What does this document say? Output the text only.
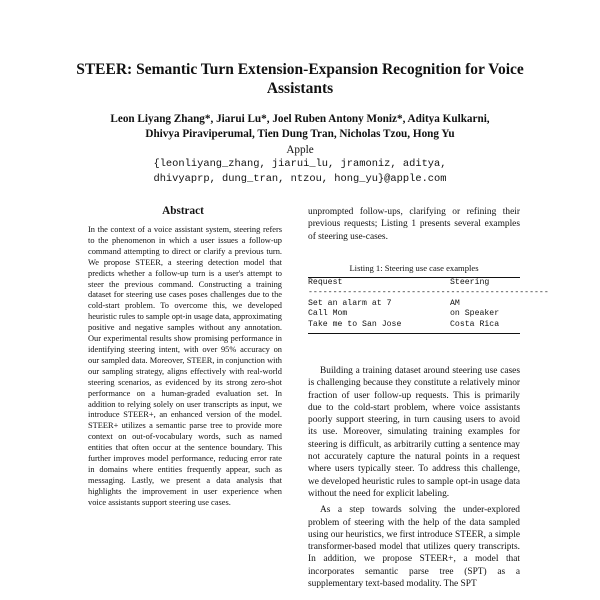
STEER: Semantic Turn Extension-Expansion Recognition for Voice
Assistants
Leon Liyang Zhang*, Jiarui Lu*, Joel Ruben Antony Moniz*, Aditya Kulkarni,
Dhivya Piraviperumal, Tien Dung Tran, Nicholas Tzou, Hong Yu
Apple
{leonliyang_zhang, jiarui_lu, jramoniz, aditya,
dhivyaprp, dung_tran, ntzou, hong_yu}@apple.com
Abstract
In the context of a voice assistant system, steering refers to the phenomenon in which a user issues a follow-up command attempting to direct or clarify a previous turn. We propose STEER, a steering detection model that predicts whether a follow-up turn is a user's attempt to steer the previous command. Constructing a training dataset for steering use cases poses challenges due to the cold-start problem. To overcome this, we developed heuristic rules to sample opt-in usage data, approximating positive and negative samples without any annotation. Our experimental results show promising performance in identifying steering intent, with over 95% accuracy on our sampled data. Moreover, STEER, in conjunction with our sampling strategy, aligns effectively with real-world steering scenarios, as evidenced by its strong zero-shot performance on a human-graded evaluation set. In addition to relying solely on user transcripts as input, we introduce STEER+, an enhanced version of the model. STEER+ utilizes a semantic parse tree to provide more context on out-of-vocabulary words, such as named entities that often occur at the sentence boundary. This further improves model performance, reducing error rate in domains where entities frequently appear, such as messaging. Lastly, we present a data analysis that highlights the improvement in user experience when voice assistants support steering use cases.

unprompted follow-ups, clarifying or refining their previous requests; Listing 1 presents several examples of steering use-cases.

Listing 1: Steering use case examples
Request	Steering
-------------------------------------------------
Set an alarm at 7	AM
Call Mom	on Speaker
Take me to San Jose	Costa Rica

Building a training dataset around steering use cases is challenging because they constitute a relatively minor fraction of user follow-up requests. This is primarily due to the cold-start problem, where voice assistants poorly support steering, in turn causing users to avoid its use. Moreover, simulating training examples for steering is difficult, as arbitrarily cutting a sentence may not accurately capture the natural points in a request where users typically steer. To address this challenge, we developed heuristic rules to sample opt-in usage data without the need for explicit labeling.

As a step towards solving the under-explored problem of steering with the help of the data sampled using our heuristics, we first introduce STEER, a simple transformer-based model that utilizes query transcripts. In addition, we propose STEER+, a model that incorporates semantic parse tree (SPT) as a supplementary text-based modality. The SPT
